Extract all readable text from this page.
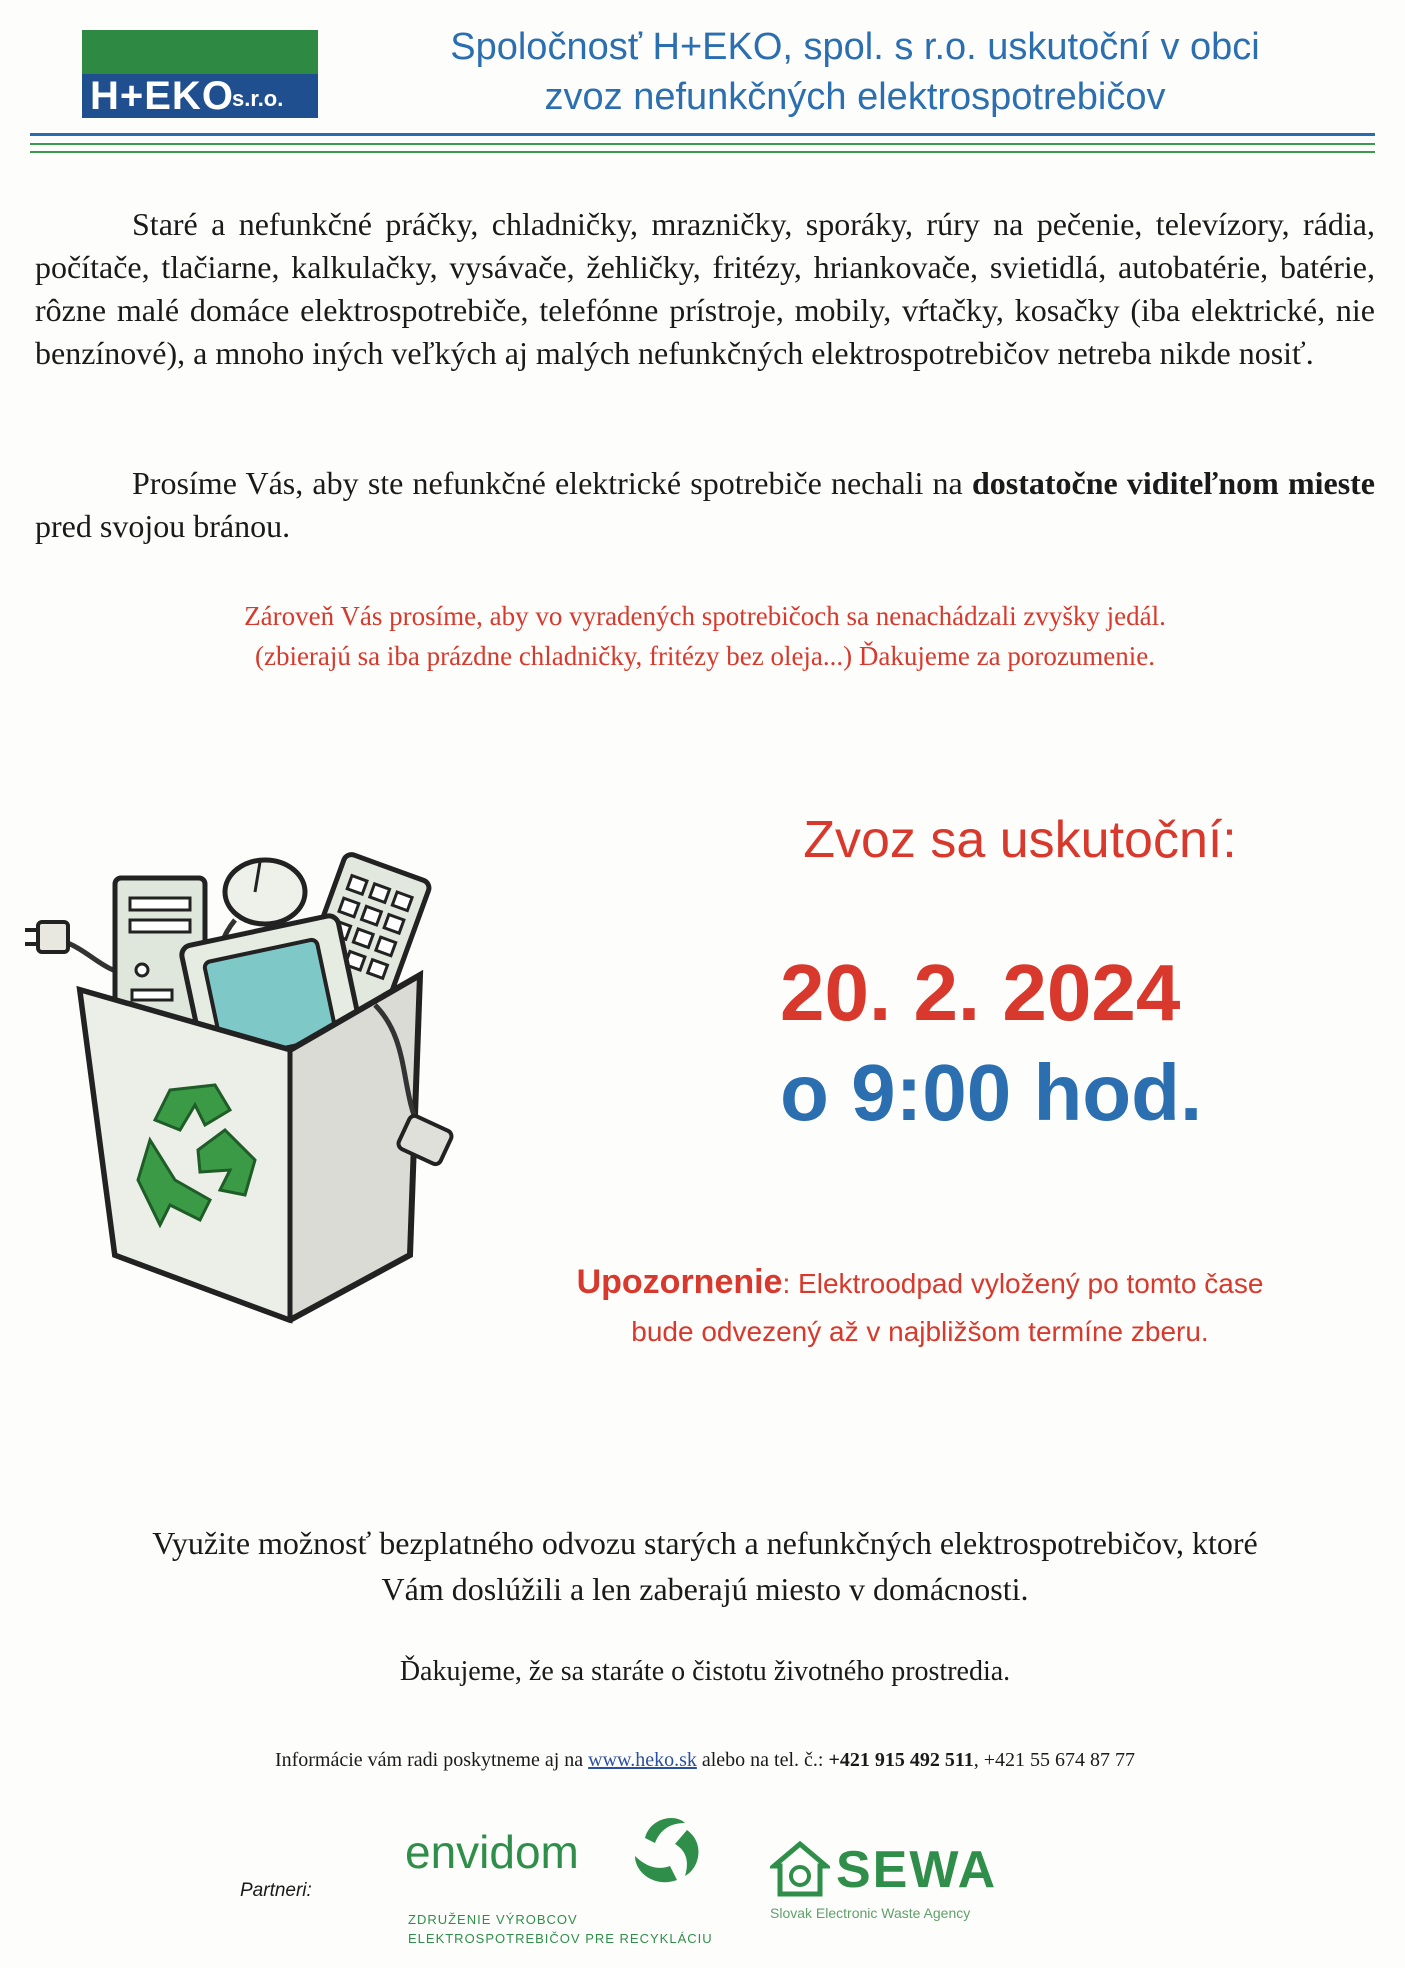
H+EKO
s.r.o.
Spoločnosť H+EKO, spol. s r.o. uskutoční v obci
zvoz nefunkčných elektrospotrebičov
Staré a nefunkčné práčky, chladničky, mrazničky, sporáky, rúry na pečenie, televízory, rádia, počítače, tlačiarne, kalkulačky, vysávače, žehličky, fritézy, hriankovače, svietidlá, autobatérie, batérie, rôzne malé domáce elektrospotrebiče, telefónne prístroje, mobily, vŕtačky, kosačky (iba elektrické, nie benzínové), a mnoho iných veľkých aj malých nefunkčných elektrospotrebičov netreba nikde nosiť.
Prosíme Vás, aby ste nefunkčné elektrické spotrebiče nechali na dostatočne viditeľnom mieste pred svojou bránou.
Zároveň Vás prosíme, aby vo vyradených spotrebičoch sa nenachádzali zvyšky jedál.
(zbierajú sa iba prázdne chladničky, fritézy bez oleja...) Ďakujeme za porozumenie.
Zvoz sa uskutoční:
20. 2. 2024
o 9:00 hod.
Upozornenie: Elektroodpad vyložený po tomto čase
bude odvezený až v najbližšom termíne zberu.
Využite možnosť bezplatného odvozu starých a nefunkčných elektrospotrebičov, ktoré
Vám doslúžili a len zaberajú miesto v domácnosti.
Ďakujeme, že sa staráte o čistotu životného prostredia.
Informácie vám radi poskytneme aj na www.heko.sk alebo na tel. č.: +421 915 492 511, +421 55 674 87 77
Partneri:
envidom
ZDRUŽENIE VÝROBCOV
ELEKTROSPOTREBIČOV PRE RECYKLÁCIU
SEWA
Slovak Electronic Waste Agency
